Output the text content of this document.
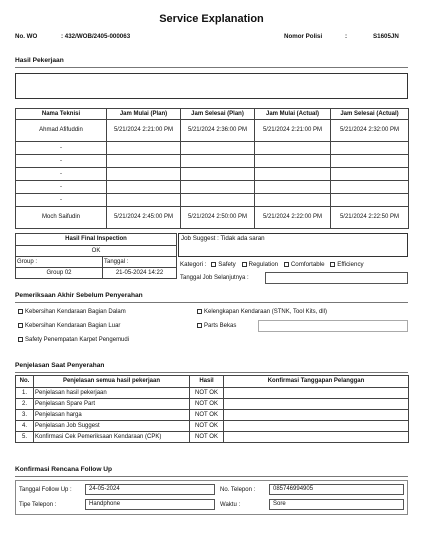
Service Explanation
No. WO	: 432/WOB/2405-000063	Nomor Polisi	:	S1605JN
Hasil Pekerjaan
Nama Teknisi	Jam Mulai (Plan)	Jam Selesai (Plan)	Jam Mulai (Actual)	Jam Selesai (Actual)
Ahmad Afifuddin	5/21/2024 2:21:00 PM	5/21/2024 2:36:00 PM	5/21/2024 2:21:00 PM	5/21/2024 2:32:00 PM
-				
-				
-				
-				
-				
Moch Saifudin	5/21/2024 2:45:00 PM	5/21/2024 2:50:00 PM	5/21/2024 2:22:00 PM	5/21/2024 2:22:50 PM
Hasil Final Inspection	
OK	
Group :	Tanggal :
Group 02	21-05-2024 14:22
Job Suggest : Tidak ada saran
Kategori : Safety Regulation Comfortable Efficiency
Tanggal Job Selanjutnya :
Pemeriksaan Akhir Sebelum Penyerahan
Kebersihan Kendaraan Bagian Dalam
Kebersihan Kendaraan Bagian Luar
Safety Penempatan Karpet Pengemudi
Kelengkapan Kendaraan (STNK, Tool Kits, dll)
Parts Bekas
Penjelasan Saat Penyerahan
No.	Penjelasan semua hasil pekerjaan	Hasil	Konfirmasi Tanggapan Pelanggan
1.	Penjelasan hasil pekerjaan	NOT OK	
2.	Penjelasan Spare Part	NOT OK	
3.	Penjelasan harga	NOT OK	
4.	Penjelasan Job Suggest	NOT OK	
5.	Konfirmasi Cek Pemeriksaan Kendaraan (CPK)	NOT OK	
Konfirmasi Rencana Follow Up
Tanggal Follow Up :	24-05-2024	No. Telepon :	085746994905
Tipe Telepon :	Handphone	Waktu :	Sore
